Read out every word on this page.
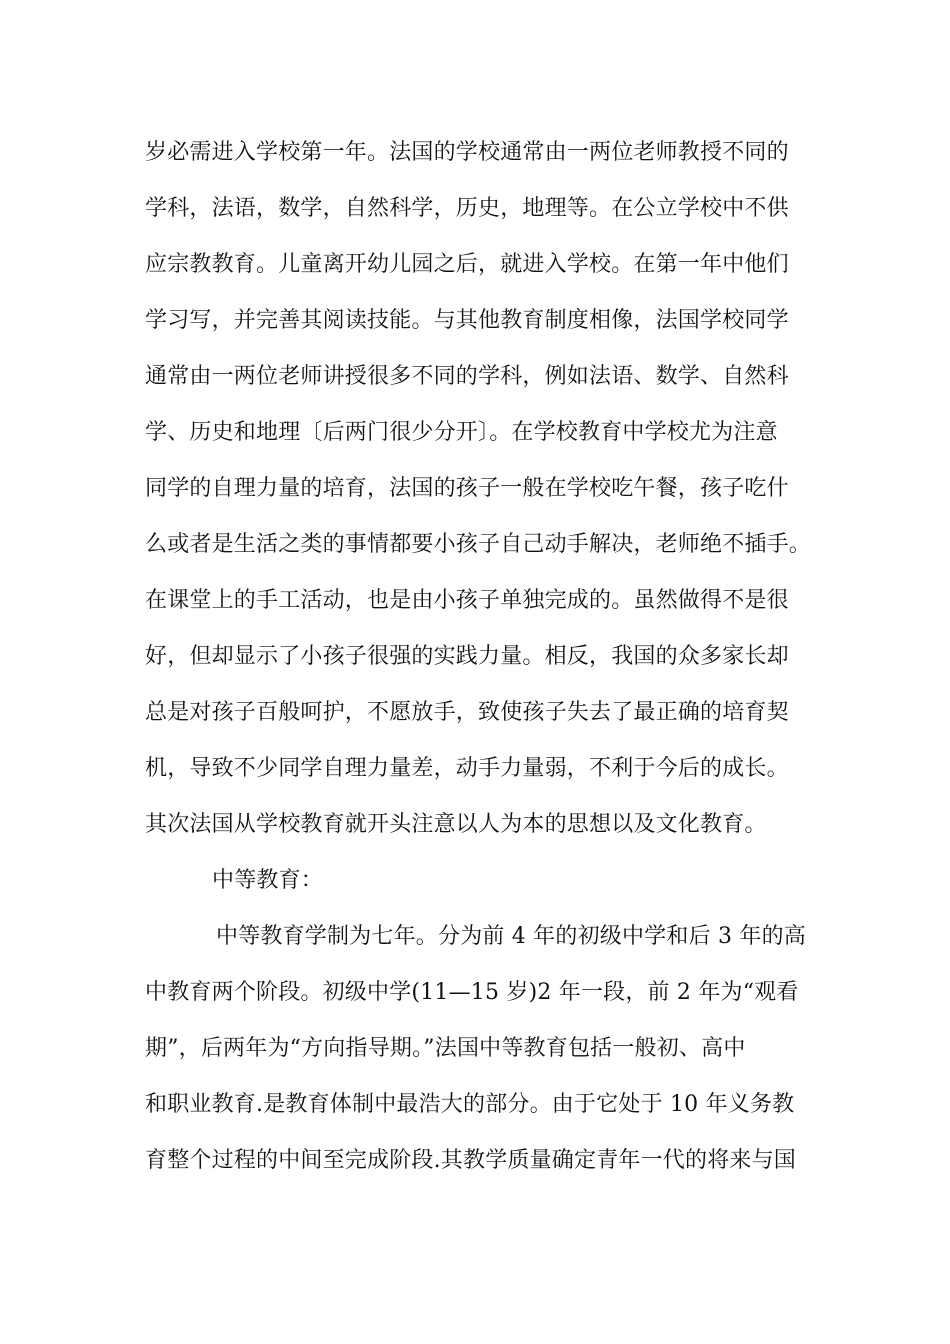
岁必需进入学校第一年。法国的学校通常由一两位老师教授不同的
学科，法语，数学，自然科学，历史，地理等。在公立学校中不供
应宗教教育。儿童离开幼儿园之后，就进入学校。在第一年中他们
学习写，并完善其阅读技能。与其他教育制度相像，法国学校同学
通常由一两位老师讲授很多不同的学科，例如法语、数学、自然科
学、历史和地理〔后两门很少分开〕。在学校教育中学校尤为注意
同学的自理力量的培育，法国的孩子一般在学校吃午餐，孩子吃什
么或者是生活之类的事情都要小孩子自己动手解决，老师绝不插手。
在课堂上的手工活动，也是由小孩子单独完成的。虽然做得不是很
好，但却显示了小孩子很强的实践力量。相反，我国的众多家长却
总是对孩子百般呵护，不愿放手，致使孩子失去了最正确的培育契
机，导致不少同学自理力量差，动手力量弱，不利于今后的成长。
其次法国从学校教育就开头注意以人为本的思想以及文化教育。
中等教育：
中等教育学制为七年。分为前 4 年的初级中学和后 3 年的高
中教育两个阶段。初级中学(11—15 岁)2 年一段，前 2 年为“观看
期”，后两年为“方向指导期。”法国中等教育包括一般初、高中
和职业教育.是教育体制中最浩大的部分。由于它处于 10 年义务教
育整个过程的中间至完成阶段.其教学质量确定青年一代的将来与国
